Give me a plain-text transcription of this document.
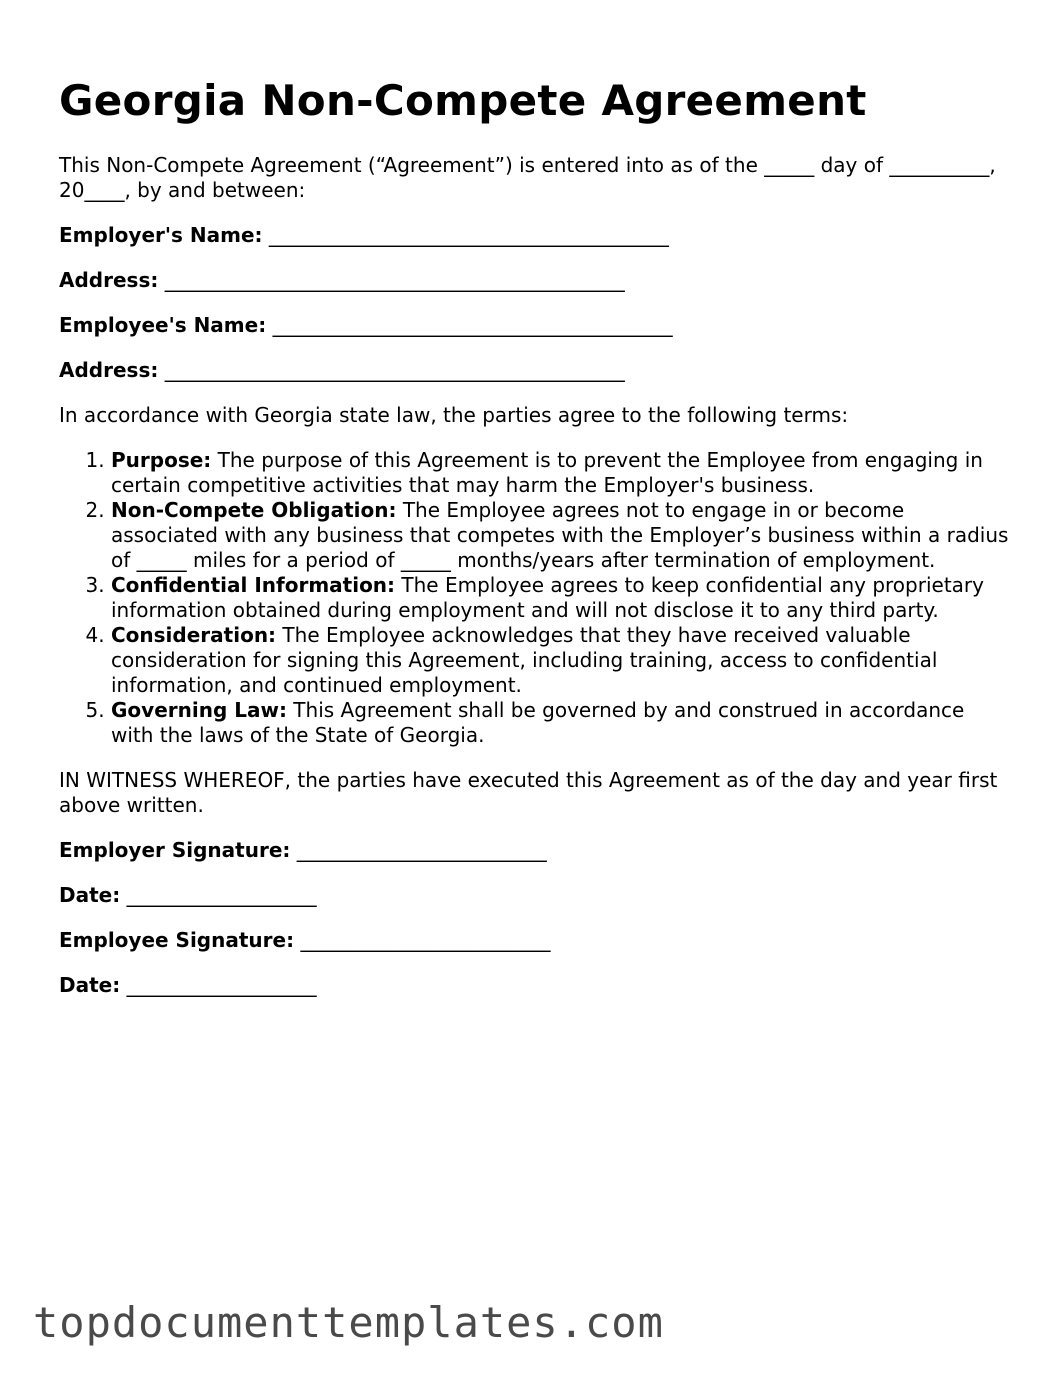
Georgia Non-Compete Agreement

This Non-Compete Agreement (“Agreement”) is entered into as of the _____ day of __________, 20____, by and between:

Employer's Name: ________________________________________
Address: ______________________________________________
Employee's Name: ________________________________________
Address: ______________________________________________

In accordance with Georgia state law, the parties agree to the following terms:

1. Purpose: The purpose of this Agreement is to prevent the Employee from engaging in certain competitive activities that may harm the Employer's business.
2. Non-Compete Obligation: The Employee agrees not to engage in or become associated with any business that competes with the Employer’s business within a radius of _____ miles for a period of _____ months/years after termination of employment.
3. Confidential Information: The Employee agrees to keep confidential any proprietary information obtained during employment and will not disclose it to any third party.
4. Consideration: The Employee acknowledges that they have received valuable consideration for signing this Agreement, including training, access to confidential information, and continued employment.
5. Governing Law: This Agreement shall be governed by and construed in accordance with the laws of the State of Georgia.

IN WITNESS WHEREOF, the parties have executed this Agreement as of the day and year first above written.

Employer Signature: _________________________
Date: ___________________
Employee Signature: _________________________
Date: ___________________
topdocumenttemplates.com
